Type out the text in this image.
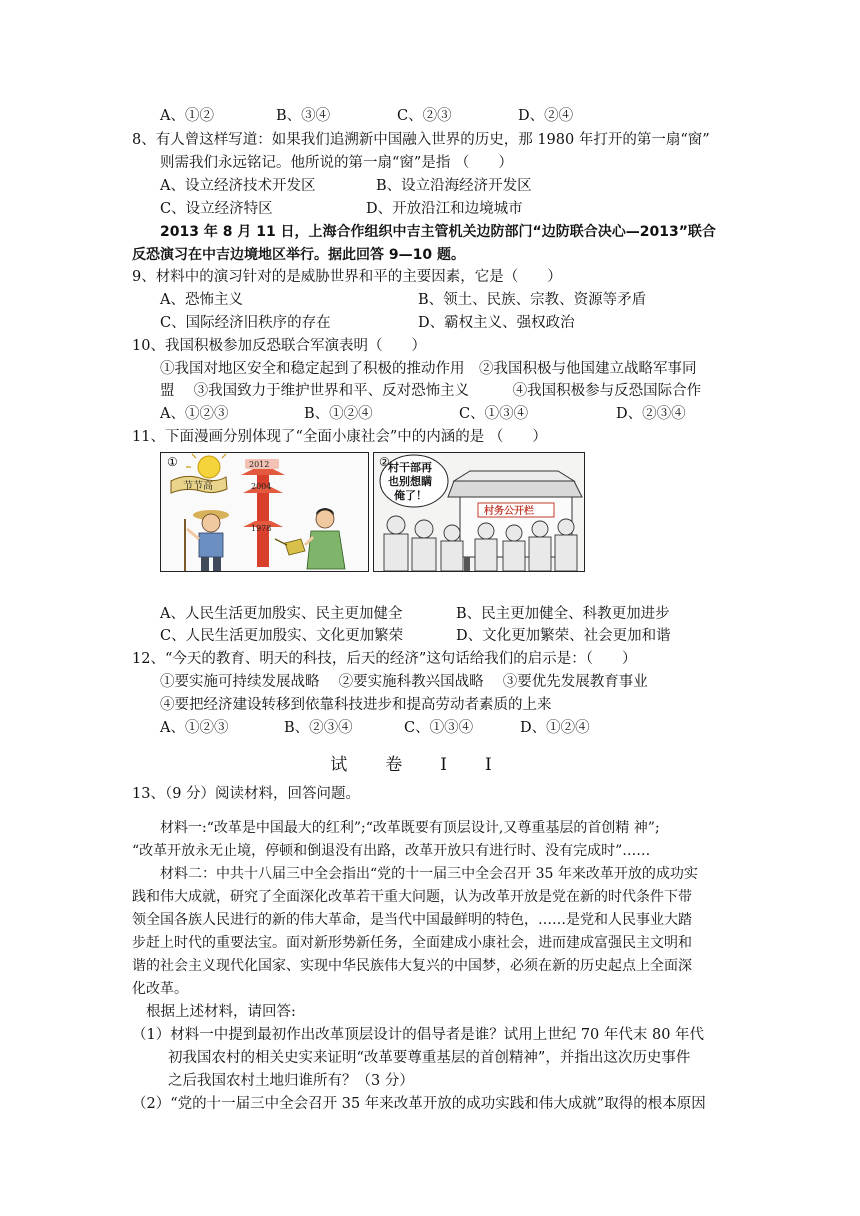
A、①②	B、③④	C、②③	D、②④
8、有人曾这样写道：如果我们追溯新中国融入世界的历史，那 1980 年打开的第一扇“窗”
则需我们永远铭记。他所说的第一扇“窗”是指 （　　）
A、设立经济技术开发区	B、设立沿海经济开发区
C、设立经济特区	D、开放沿江和边境城市
2013 年 8 月 11 日，上海合作组织中吉主管机关边防部门“边防联合决心—2013”联合
反恐演习在中吉边境地区举行。据此回答 9—10 题。
9、材料中的演习针对的是威胁世界和平的主要因素，它是（　　）
A、恐怖主义	B、领土、民族、宗教、资源等矛盾
C、国际经济旧秩序的存在	D、霸权主义、强权政治
10、我国积极参加反恐联合军演表明（　　）
①我国对地区安全和稳定起到了积极的推动作用　②我国积极与他国建立战略军事同
盟　 ③我国致力于维护世界和平、反对恐怖主义　　　④我国积极参与反恐国际合作
A、①②③	B、①②④	C、①③④	D、②③④
11、下面漫画分别体现了“全面小康社会”中的内涵的是 （　　）
①
节节高
2012
2004
1978
农民收入
②
村干部再
也别想瞒
俺了！
村务公开栏
A、人民生活更加殷实、民主更加健全	B、民主更加健全、科教更加进步
C、人民生活更加殷实、文化更加繁荣	D、文化更加繁荣、社会更加和谐
12、“今天的教育、明天的科技，后天的经济”这句话给我们的启示是：（　　）
①要实施可持续发展战略　 ②要实施科教兴国战略　 ③要优先发展教育事业
④要把经济建设转移到依靠科技进步和提高劳动者素质的上来
A、①②③	B、②③④	C、①③④	D、①②④
试卷II
13、（9 分）阅读材料，回答问题。
材料一:“改革是中国最大的红利”;“改革既要有顶层设计,又尊重基层的首创精 神”;
“改革开放永无止境，停顿和倒退没有出路，改革开放只有进行时、没有完成时”……
材料二：中共十八届三中全会指出“党的十一届三中全会召开 35 年来改革开放的成功实
践和伟大成就，研究了全面深化改革若干重大问题，认为改革开放是党在新的时代条件下带
领全国各族人民进行的新的伟大革命，是当代中国最鲜明的特色，……是党和人民事业大踏
步赶上时代的重要法宝。面对新形势新任务，全面建成小康社会，进而建成富强民主文明和
谐的社会主义现代化国家、实现中华民族伟大复兴的中国梦，必须在新的历史起点上全面深
化改革。
根据上述材料，请回答:
（1）材料一中提到最初作出改革顶层设计的倡导者是谁？试用上世纪 70 年代末 80 年代
初我国农村的相关史实来证明“改革要尊重基层的首创精神”，并指出这次历史事件
之后我国农村土地归谁所有？（3 分）
（2）“党的十一届三中全会召开 35 年来改革开放的成功实践和伟大成就”取得的根本原因
